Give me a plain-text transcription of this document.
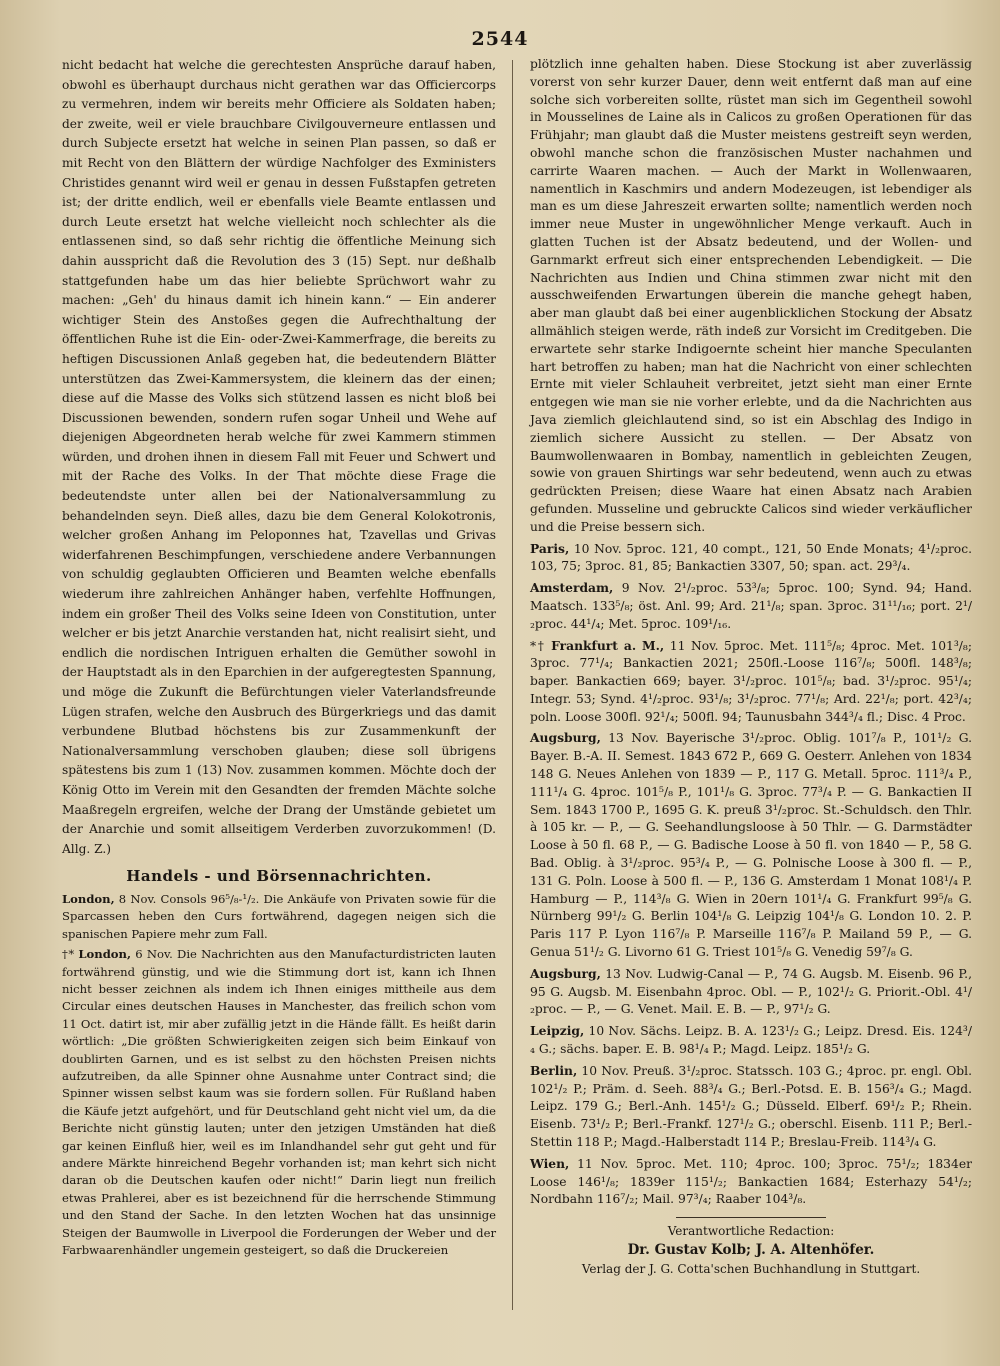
2544

nicht bedacht hat welche die gerechtesten Ansprüche darauf haben, obwohl es überhaupt durchaus nicht gerathen war das Officiercorps zu vermehren, indem wir bereits mehr Officiere als Soldaten haben; der zweite, weil er viele brauchbare Civilgouverneure entlassen und durch Subjecte ersetzt hat welche in seinen Plan passen, so daß er mit Recht von den Blättern der würdige Nachfolger des Exministers Christides genannt wird weil er genau in dessen Fußstapfen getreten ist; der dritte endlich, weil er ebenfalls viele Beamte entlassen und durch Leute ersetzt hat welche vielleicht noch schlechter als die entlassenen sind, so daß sehr richtig die öffentliche Meinung sich dahin ausspricht daß die Revolution des 3 (15) Sept. nur deßhalb stattgefunden habe um das hier beliebte Sprüchwort wahr zu machen: „Geh' du hinaus damit ich hinein kann.“ — Ein anderer wichtiger Stein des Anstoßes gegen die Aufrechthaltung der öffentlichen Ruhe ist die Ein- oder-Zwei-Kammerfrage, die bereits zu heftigen Discussionen Anlaß gegeben hat, die bedeutendern Blätter unterstützen das Zwei-Kammersystem, die kleinern das der einen; diese auf die Masse des Volks sich stützend lassen es nicht bloß bei Discussionen bewenden, sondern rufen sogar Unheil und Wehe auf diejenigen Abgeordneten herab welche für zwei Kammern stimmen würden, und drohen ihnen in diesem Fall mit Feuer und Schwert und mit der Rache des Volks. In der That möchte diese Frage die bedeutendste unter allen bei der Nationalversammlung zu behandelnden seyn. Dieß alles, dazu bie dem General Kolokotronis, welcher großen Anhang im Peloponnes hat, Tzavellas und Grivas widerfahrenen Beschimpfungen, verschiedene andere Verbannungen von schuldig geglaubten Officieren und Beamten welche ebenfalls wiederum ihre zahlreichen Anhänger haben, verfehlte Hoffnungen, indem ein großer Theil des Volks seine Ideen von Constitution, unter welcher er bis jetzt Anarchie verstanden hat, nicht realisirt sieht, und endlich die nordischen Intriguen erhalten die Gemüther sowohl in der Hauptstadt als in den Eparchien in der aufgeregtesten Spannung, und möge die Zukunft die Befürchtungen vieler Vaterlandsfreunde Lügen strafen, welche den Ausbruch des Bürgerkriegs und das damit verbundene Blutbad höchstens bis zur Zusammenkunft der Nationalversammlung verschoben glauben; diese soll übrigens spätestens bis zum 1 (13) Nov. zusammen kommen. Möchte doch der König Otto im Verein mit den Gesandten der fremden Mächte solche Maaßregeln ergreifen, welche der Drang der Umstände gebietet um der Anarchie und somit allseitigem Verderben zuvorzukommen! (D. Allg. Z.)

Handels - und Börsennachrichten.

London, 8 Nov. Consols 96⁵/₈-¹/₂. Die Ankäufe von Privaten sowie für die Sparcassen heben den Curs fortwährend, dagegen neigen sich die spanischen Papiere mehr zum Fall.

†* London, 6 Nov. Die Nachrichten aus den Manufacturdistricten lauten fortwährend günstig, und wie die Stimmung dort ist, kann ich Ihnen nicht besser zeichnen als indem ich Ihnen einiges mittheile aus dem Circular eines deutschen Hauses in Manchester, das freilich schon vom 11 Oct. datirt ist, mir aber zufällig jetzt in die Hände fällt. Es heißt darin wörtlich: „Die größten Schwierigkeiten zeigen sich beim Einkauf von doublirten Garnen, und es ist selbst zu den höchsten Preisen nichts aufzutreiben, da alle Spinner ohne Ausnahme unter Contract sind; die Spinner wissen selbst kaum was sie fordern sollen. Für Rußland haben die Käufe jetzt aufgehört, und für Deutschland geht nicht viel um, da die Berichte nicht günstig lauten; unter den jetzigen Umständen hat dieß gar keinen Einfluß hier, weil es im Inlandhandel sehr gut geht und für andere Märkte hinreichend Begehr vorhanden ist; man kehrt sich nicht daran ob die Deutschen kaufen oder nicht!“ Darin liegt nun freilich etwas Prahlerei, aber es ist bezeichnend für die herrschende Stimmung und den Stand der Sache. In den letzten Wochen hat das unsinnige Steigen der Baumwolle in Liverpool die Forderungen der Weber und der Farbwaarenhändler ungemein gesteigert, so daß die Druckereien

plötzlich inne gehalten haben. Diese Stockung ist aber zuverlässig vorerst von sehr kurzer Dauer, denn weit entfernt daß man auf eine solche sich vorbereiten sollte, rüstet man sich im Gegentheil sowohl in Mousselines de Laine als in Calicos zu großen Operationen für das Frühjahr; man glaubt daß die Muster meistens gestreift seyn werden, obwohl manche schon die französischen Muster nachahmen und carrirte Waaren machen. — Auch der Markt in Wollenwaaren, namentlich in Kaschmirs und andern Modezeugen, ist lebendiger als man es um diese Jahreszeit erwarten sollte; namentlich werden noch immer neue Muster in ungewöhnlicher Menge verkauft. Auch in glatten Tuchen ist der Absatz bedeutend, und der Wollen- und Garnmarkt erfreut sich einer entsprechenden Lebendigkeit. — Die Nachrichten aus Indien und China stimmen zwar nicht mit den ausschweifenden Erwartungen überein die manche gehegt haben, aber man glaubt daß bei einer augenblicklichen Stockung der Absatz allmählich steigen werde, räth indeß zur Vorsicht im Creditgeben. Die erwartete sehr starke Indigoernte scheint hier manche Speculanten hart betroffen zu haben; man hat die Nachricht von einer schlechten Ernte mit vieler Schlauheit verbreitet, jetzt sieht man einer Ernte entgegen wie man sie nie vorher erlebte, und da die Nachrichten aus Java ziemlich gleichlautend sind, so ist ein Abschlag des Indigo in ziemlich sichere Aussicht zu stellen. — Der Absatz von Baumwollenwaaren in Bombay, namentlich in gebleichten Zeugen, sowie von grauen Shirtings war sehr bedeutend, wenn auch zu etwas gedrückten Preisen; diese Waare hat einen Absatz nach Arabien gefunden. Musseline und gebruckte Calicos sind wieder verkäuflicher und die Preise bessern sich.

Paris, 10 Nov. 5proc. 121, 40 compt., 121, 50 Ende Monats; 4¹/₂proc. 103, 75; 3proc. 81, 85; Bankactien 3307, 50; span. act. 29³/₄.

Amsterdam, 9 Nov. 2¹/₂proc. 53³/₈; 5proc. 100; Synd. 94; Hand. Maatsch. 133⁵/₈; öst. Anl. 99; Ard. 21¹/₈; span. 3proc. 31¹¹/₁₆; port. 2¹/₂proc. 44¹/₄; Met. 5proc. 109¹/₁₆.

*† Frankfurt a. M., 11 Nov. 5proc. Met. 111⁵/₈; 4proc. Met. 101³/₈; 3proc. 77¹/₄; Bankactien 2021; 250fl.-Loose 116⁷/₈; 500fl. 148³/₈; baper. Bankactien 669; bayer. 3¹/₂proc. 101⁵/₈; bad. 3¹/₂proc. 95¹/₄; Integr. 53; Synd. 4¹/₂proc. 93¹/₈; 3¹/₂proc. 77¹/₈; Ard. 22¹/₈; port. 42³/₄; poln. Loose 300fl. 92¹/₄; 500fl. 94; Taunusbahn 344³/₄ fl.; Disc. 4 Proc.

Augsburg, 13 Nov. Bayerische 3¹/₂proc. Oblig. 101⁷/₈ P., 101¹/₂ G. Bayer. B.-A. II. Semest. 1843 672 P., 669 G. Oesterr. Anlehen von 1834 148 G. Neues Anlehen von 1839 — P., 117 G. Metall. 5proc. 111³/₄ P., 111¹/₄ G. 4proc. 101⁵/₈ P., 101¹/₈ G. 3proc. 77³/₄ P. — G. Bankactien II Sem. 1843 1700 P., 1695 G. K. preuß 3¹/₂proc. St.-Schuldsch. den Thlr. à 105 kr. — P., — G. Seehandlungsloose à 50 Thlr. — G. Darmstädter Loose à 50 fl. 68 P., — G. Badische Loose à 50 fl. von 1840 — P., 58 G. Bad. Oblig. à 3¹/₂proc. 95³/₄ P., — G. Polnische Loose à 300 fl. — P., 131 G. Poln. Loose à 500 fl. — P., 136 G. Amsterdam 1 Monat 108¹/₄ P. Hamburg — P., 114³/₈ G. Wien in 20ern 101¹/₄ G. Frankfurt 99⁵/₈ G. Nürnberg 99¹/₂ G. Berlin 104¹/₈ G. Leipzig 104¹/₈ G. London 10. 2. P. Paris 117 P. Lyon 116⁷/₈ P. Marseille 116⁷/₈ P. Mailand 59 P., — G. Genua 51¹/₂ G. Livorno 61 G. Triest 101⁵/₈ G. Venedig 59⁷/₈ G.

Augsburg, 13 Nov. Ludwig-Canal — P., 74 G. Augsb. M. Eisenb. 96 P., 95 G. Augsb. M. Eisenbahn 4proc. Obl. — P., 102¹/₂ G. Priorit.-Obl. 4¹/₂proc. — P., — G. Venet. Mail. E. B. — P., 97¹/₂ G.

Leipzig, 10 Nov. Sächs. Leipz. B. A. 123¹/₂ G.; Leipz. Dresd. Eis. 124³/₄ G.; sächs. baper. E. B. 98¹/₄ P.; Magd. Leipz. 185¹/₂ G.

Berlin, 10 Nov. Preuß. 3¹/₂proc. Statssch. 103 G.; 4proc. pr. engl. Obl. 102¹/₂ P.; Präm. d. Seeh. 88³/₄ G.; Berl.-Potsd. E. B. 156³/₄ G.; Magd. Leipz. 179 G.; Berl.-Anh. 145¹/₂ G.; Düsseld. Elberf. 69¹/₂ P.; Rhein. Eisenb. 73¹/₂ P.; Berl.-Frankf. 127¹/₂ G.; oberschl. Eisenb. 111 P.; Berl.-Stettin 118 P.; Magd.-Halberstadt 114 P.; Breslau-Freib. 114³/₄ G.

Wien, 11 Nov. 5proc. Met. 110; 4proc. 100; 3proc. 75¹/₂; 1834er Loose 146¹/₈; 1839er 115¹/₂; Bankactien 1684; Esterhazy 54¹/₂; Nordbahn 116⁷/₂; Mail. 97³/₄; Raaber 104³/₈.

Verantwortliche Redaction:
Dr. Gustav Kolb; J. A. Altenhöfer.
Verlag der J. G. Cotta'schen Buchhandlung in Stuttgart.
